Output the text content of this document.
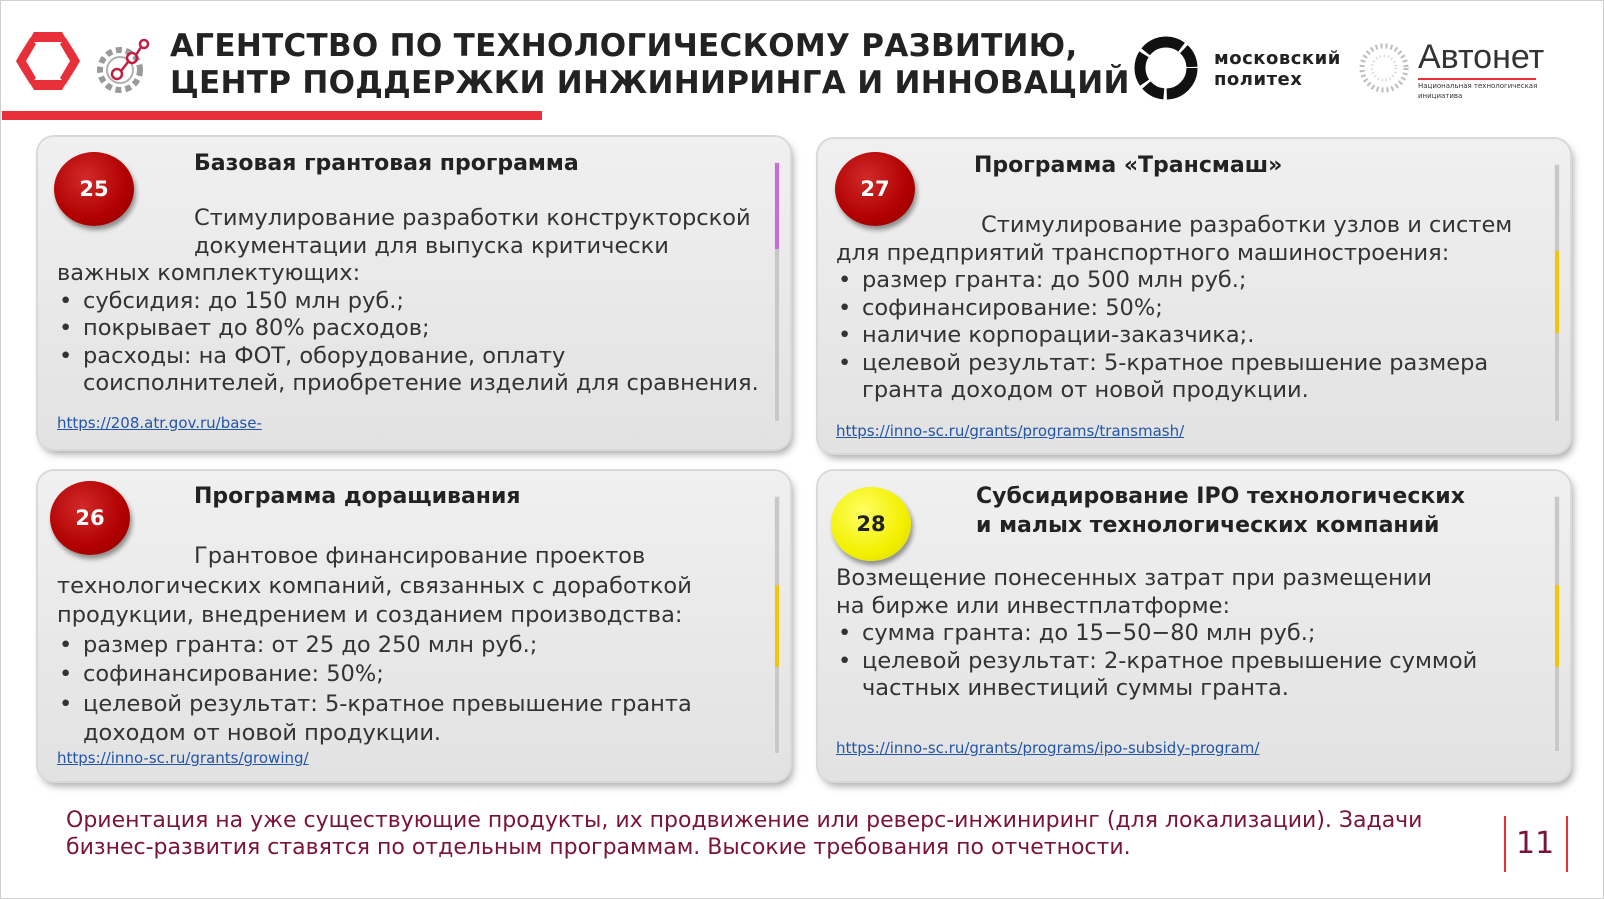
АГЕНТСТВО ПО ТЕХНОЛОГИЧЕСКОМУ РАЗВИТИЮ,
ЦЕНТР ПОДДЕРЖКИ ИНЖИНИРИНГА И ИННОВАЦИЙ
московский
политех
Автонет
Национальная технологическая
инициатива
25
Базовая грантовая программа

Стимулирование разработки конструкторской

документации для выпуска критически

важных комплектующих:

• субсидия: до 150 млн руб.;
• покрывает до 80% расходов;
• расходы: на ФОТ, оборудование, оплату
соисполнителей, приобретение изделий для сравнения.
https://208.atr.gov.ru/base-
27
Программа «Трансмаш»

Стимулирование разработки узлов и систем

для предприятий транспортного машиностроения:

• размер гранта: до 500 млн руб.;
• софинансирование: 50%;
• наличие корпорации-заказчика;.
• целевой результат: 5-кратное превышение размера
гранта доходом от новой продукции.
https://inno-sc.ru/grants/programs/transmash/
26
Программа доращивания

Грантовое финансирование проектов

технологических компаний, связанных с доработкой

продукции, внедрением и созданием производства:

• размер гранта: от 25 до 250 млн руб.;
• софинансирование: 50%;
• целевой результат: 5-кратное превышение гранта
доходом от новой продукции.
https://inno-sc.ru/grants/growing/
28
Субсидирование IPO технологических
и малых технологических компаний

Возмещение понесенных затрат при размещении

на бирже или инвестплатформе:

• сумма гранта: до 15−50−80 млн руб.;
• целевой результат: 2-кратное превышение суммой
частных инвестиций суммы гранта.
https://inno-sc.ru/grants/programs/ipo-subsidy-program/
Ориентация на уже существующие продукты, их продвижение или реверс-инжиниринг (для локализации). Задачи
бизнес-развития ставятся по отдельным программам. Высокие требования по отчетности.	11
